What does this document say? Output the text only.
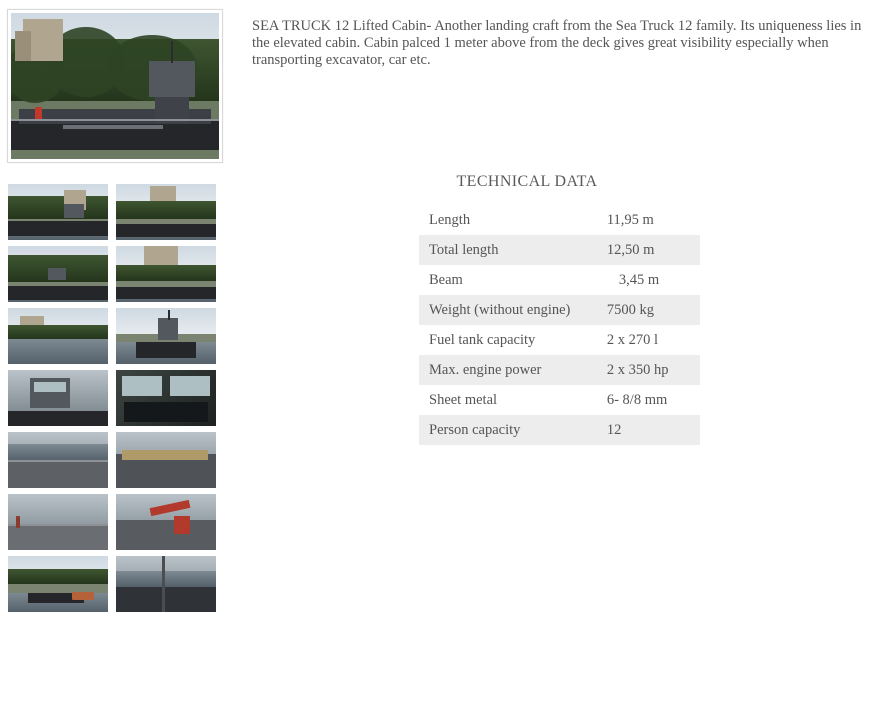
SEA TRUCK 12 Lifted Cabin- Another landing craft from the Sea Truck 12 family. Its uniqueness lies in the elevated cabin. Cabin palced 1 meter above from the deck gives great visibility especially when transporting excavator, car etc.

TECHNICAL DATA
Length	11,95 m
Total length	12,50 m
Beam	3,45 m
Weight (without engine)	7500 kg
Fuel tank capacity	2 x 270 l
Max. engine power	2 x 350 hp
Sheet metal	6- 8/8 mm
Person capacity	12
